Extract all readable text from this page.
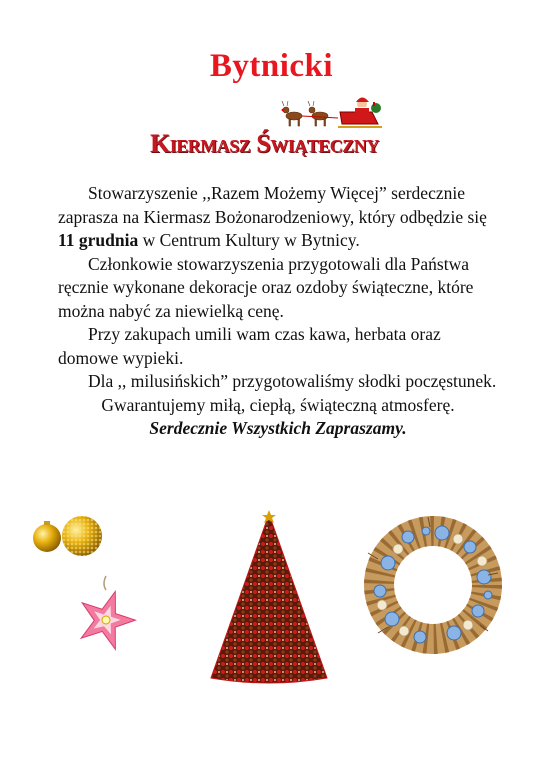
Bytnicki
Kiermasz Świąteczny

Stowarzyszenie ,,Razem Możemy Więcej” serdecznie zaprasza na Kiermasz Bożonarodzeniowy, który odbędzie się 11 grudnia w Centrum Kultury w Bytnicy.

Członkowie stowarzyszenia przygotowali dla Państwa ręcznie wykonane dekoracje oraz ozdoby świąteczne, które można nabyć za niewielką cenę.

Przy zakupach umili wam czas kawa, herbata oraz domowe wypieki.

Dla ,, milusińskich” przygotowaliśmy słodki poczęstunek.

Gwarantujemy miłą, ciepłą, świąteczną atmosferę.

Serdecznie Wszystkich Zapraszamy.
